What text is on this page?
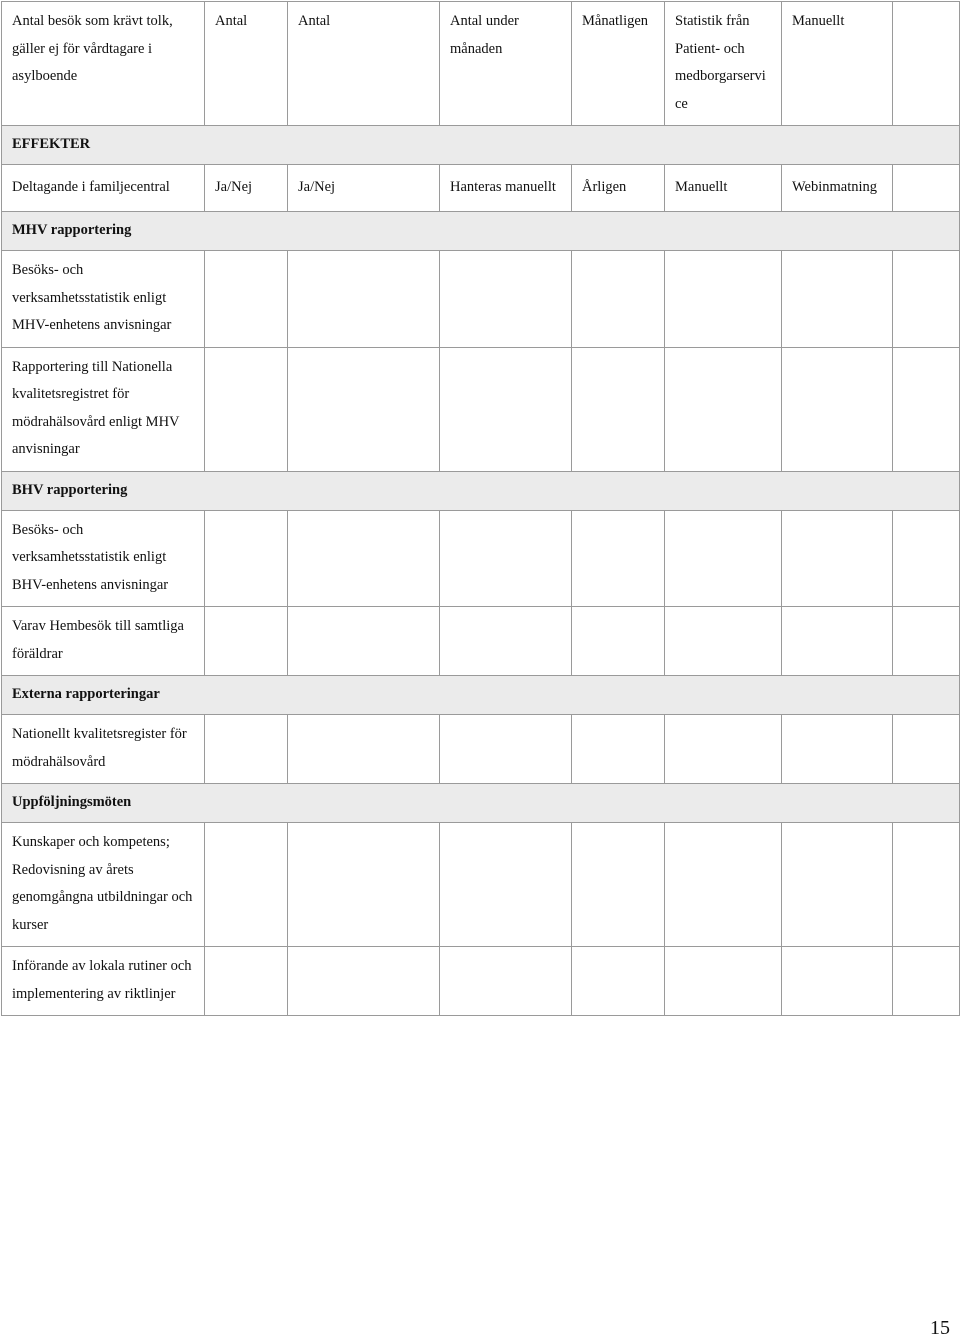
Antal besök som krävt tolk, gäller ej för vårdtagare i asylboende	Antal	Antal	Antal under månaden	Månatligen	Statistik från Patient- och medborgarservi ce	Manuellt	
EFFEKTER							
Deltagande i familjecentral	Ja/Nej	Ja/Nej	Hanteras manuellt	Årligen	Manuellt	Webinmatning	
MHV rapportering							
Besöks- och verksamhetsstatistik enligt MHV-enhetens anvisningar							
Rapportering till Nationella kvalitetsregistret för mödrahälsovård enligt MHV anvisningar							
BHV rapportering							
Besöks- och verksamhetsstatistik enligt BHV-enhetens anvisningar							
Varav Hembesök till samtliga föräldrar							
Externa rapporteringar							
Nationellt kvalitetsregister för mödrahälsovård							
Uppföljningsmöten							
Kunskaper och kompetens; Redovisning av årets genomgångna utbildningar och kurser							
Införande av lokala rutiner och implementering av riktlinjer							
15
